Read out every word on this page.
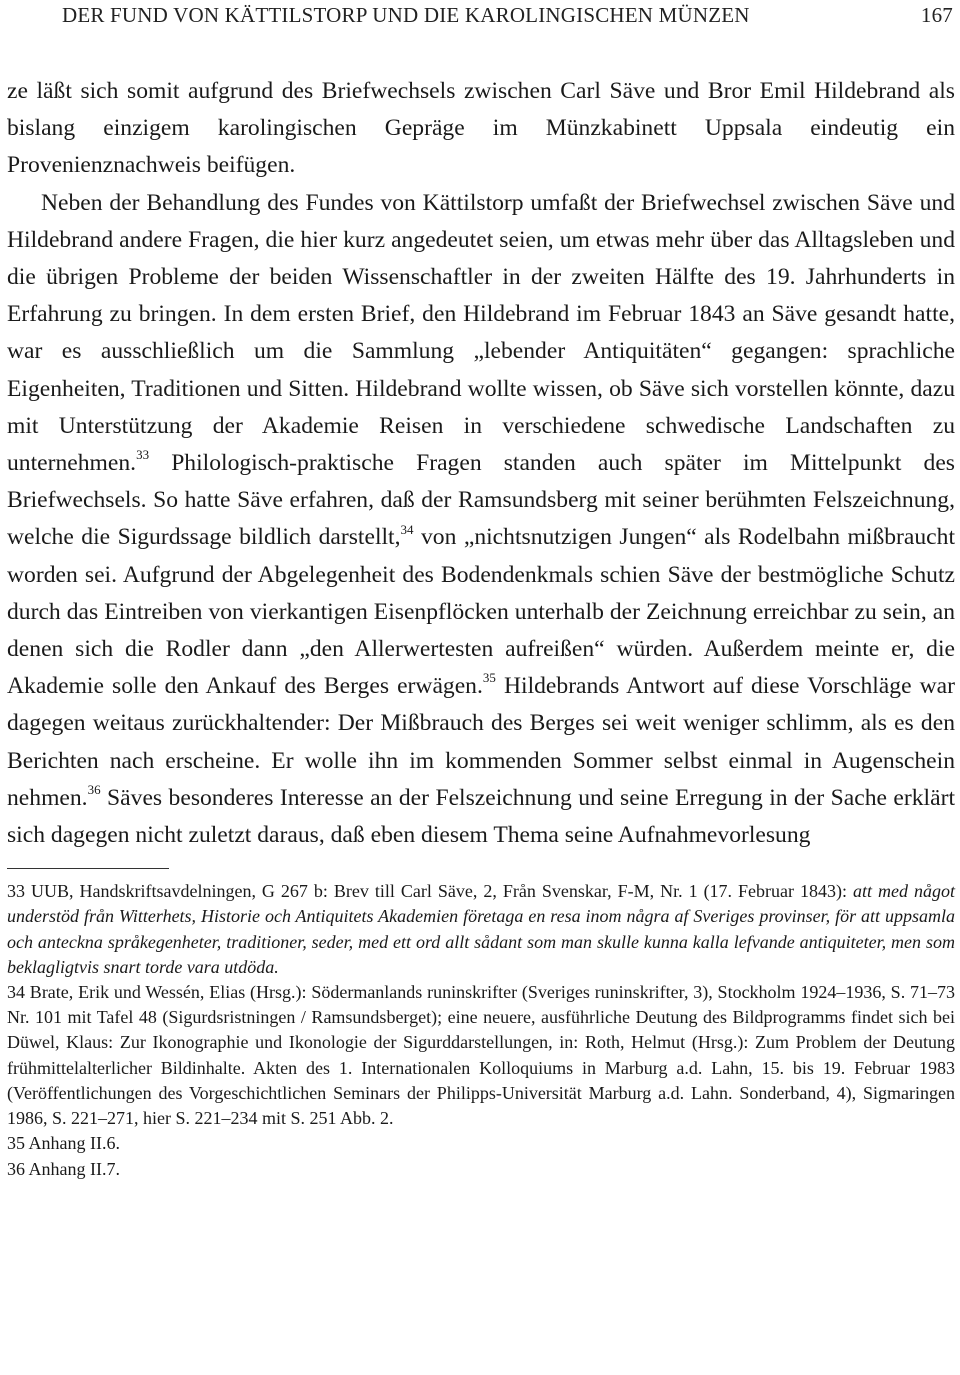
DER FUND VON KÄTTILSTORP UND DIE KAROLINGISCHEN MÜNZEN	167

ze läßt sich somit aufgrund des Briefwechsels zwischen Carl Säve und Bror Emil Hildebrand als bislang einzigem karolingischen Gepräge im Münzkabinett Uppsala eindeutig ein Provenienznachweis beifügen.

Neben der Behandlung des Fundes von Kättilstorp umfaßt der Briefwechsel zwischen Säve und Hildebrand andere Fragen, die hier kurz angedeutet seien, um etwas mehr über das Alltagsleben und die übrigen Probleme der beiden Wissenschaftler in der zweiten Hälfte des 19. Jahrhunderts in Erfahrung zu bringen. In dem ersten Brief, den Hildebrand im Februar 1843 an Säve gesandt hatte, war es ausschließlich um die Sammlung „lebender Antiquitäten“ gegangen: sprachliche Eigenheiten, Traditionen und Sitten. Hildebrand wollte wissen, ob Säve sich vorstellen könnte, dazu mit Unterstützung der Akademie Reisen in verschiedene schwedische Landschaften zu unternehmen.$^{33}$ Philologisch-praktische Fragen standen auch später im Mittelpunkt des Briefwechsels. So hatte Säve erfahren, daß der Ramsundsberg mit seiner berühmten Felszeichnung, welche die Sigurdssage bildlich darstellt,$^{34}$ von „nichtsnutzigen Jungen“ als Rodelbahn mißbraucht worden sei. Aufgrund der Abgelegenheit des Bodendenkmals schien Säve der bestmögliche Schutz durch das Eintreiben von vierkantigen Eisenpflöcken unterhalb der Zeichnung erreichbar zu sein, an denen sich die Rodler dann „den Allerwertesten aufreißen“ würden. Außerdem meinte er, die Akademie solle den Ankauf des Berges erwägen.$^{35}$ Hildebrands Antwort auf diese Vorschläge war dagegen weitaus zurückhaltender: Der Mißbrauch des Berges sei weit weniger schlimm, als es den Berichten nach erscheine. Er wolle ihn im kommenden Sommer selbst einmal in Augenschein nehmen.$^{36}$ Säves besonderes Interesse an der Felszeichnung und seine Erregung in der Sache erklärt sich dagegen nicht zuletzt daraus, daß eben diesem Thema seine Aufnahmevorlesung

33 UUB, Handskriftsavdelningen, G 267 b: Brev till Carl Säve, 2, Från Svenskar, F-M, Nr. 1 (17. Februar 1843): att med något understöd från Witterhets, Historie och Antiquitets Akademien företaga en resa inom några af Sveriges provinser, för att uppsamla och anteckna språkegenheter, traditioner, seder, med ett ord allt sådant som man skulle kunna kalla lefvande antiquiteter, men som beklagligtvis snart torde vara utdöda.

34 Brate, Erik und Wessén, Elias (Hrsg.): Södermanlands runinskrifter (Sveriges runinskrifter, 3), Stockholm 1924–1936, S. 71–73 Nr. 101 mit Tafel 48 (Sigurdsristningen / Ramsundsberget); eine neuere, ausführliche Deutung des Bildprogramms findet sich bei Düwel, Klaus: Zur Ikonographie und Ikonologie der Sigurddarstellungen, in: Roth, Helmut (Hrsg.): Zum Problem der Deutung frühmittelalterlicher Bildinhalte. Akten des 1. Internationalen Kolloquiums in Marburg a.d. Lahn, 15. bis 19. Februar 1983 (Veröffentlichungen des Vorgeschichtlichen Seminars der Philipps-Universität Marburg a.d. Lahn. Sonderband, 4), Sigmaringen 1986, S. 221–271, hier S. 221–234 mit S. 251 Abb. 2.

35 Anhang II.6.

36 Anhang II.7.
